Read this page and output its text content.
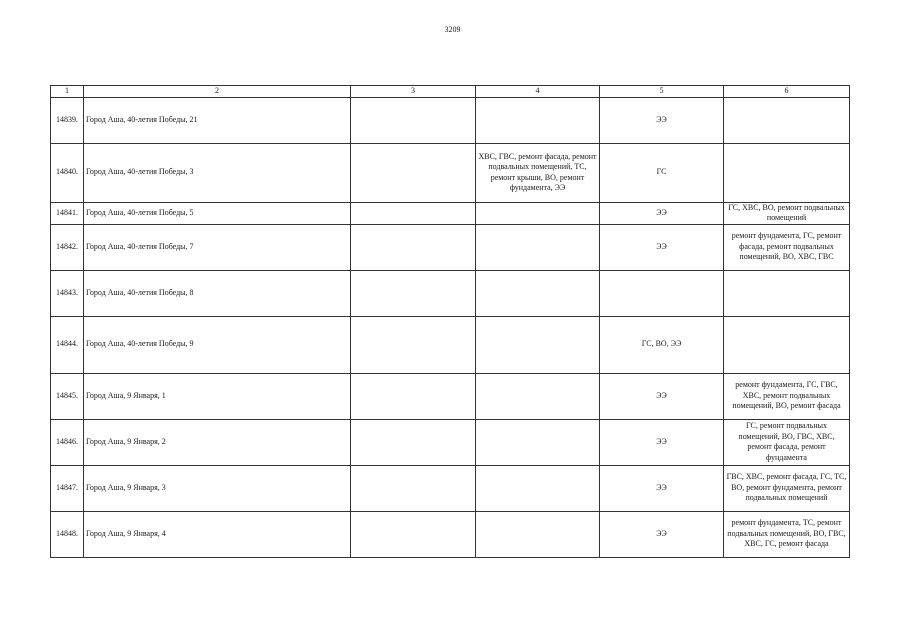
3209
1	2	3	4	5	6
14839.	Город Аша, 40-летия Победы, 21			ЭЭ	
14840.	Город Аша, 40-летия Победы, 3		ХВС, ГВС, ремонт фасада, ремонт подвальных помещений, ТС, ремонт крыши, ВО, ремонт фундамента, ЭЭ	ГС	
14841.	Город Аша, 40-летия Победы, 5			ЭЭ	ГС, ХВС, ВО, ремонт подвальных помещений
14842.	Город Аша, 40-летия Победы, 7			ЭЭ	ремонт фундамента, ГС, ремонт фасада, ремонт подвальных помещений, ВО, ХВС, ГВС
14843.	Город Аша, 40-летия Победы, 8				
14844.	Город Аша, 40-летия Победы, 9			ГС, ВО, ЭЭ	
14845.	Город Аша, 9 Января, 1			ЭЭ	ремонт фундамента, ГС, ГВС, ХВС, ремонт подвальных помещений, ВО, ремонт фасада
14846.	Город Аша, 9 Января, 2			ЭЭ	ГС, ремонт подвальных помещений, ВО, ГВС, ХВС, ремонт фасада, ремонт фундамента
14847.	Город Аша, 9 Января, 3			ЭЭ	ГВС, ХВС, ремонт фасада, ГС, ТС, ВО, ремонт фундамента, ремонт подвальных помещений
14848.	Город Аша, 9 Января, 4			ЭЭ	ремонт фундамента, ТС, ремонт подвальных помещений, ВО, ГВС, ХВС, ГС, ремонт фасада
